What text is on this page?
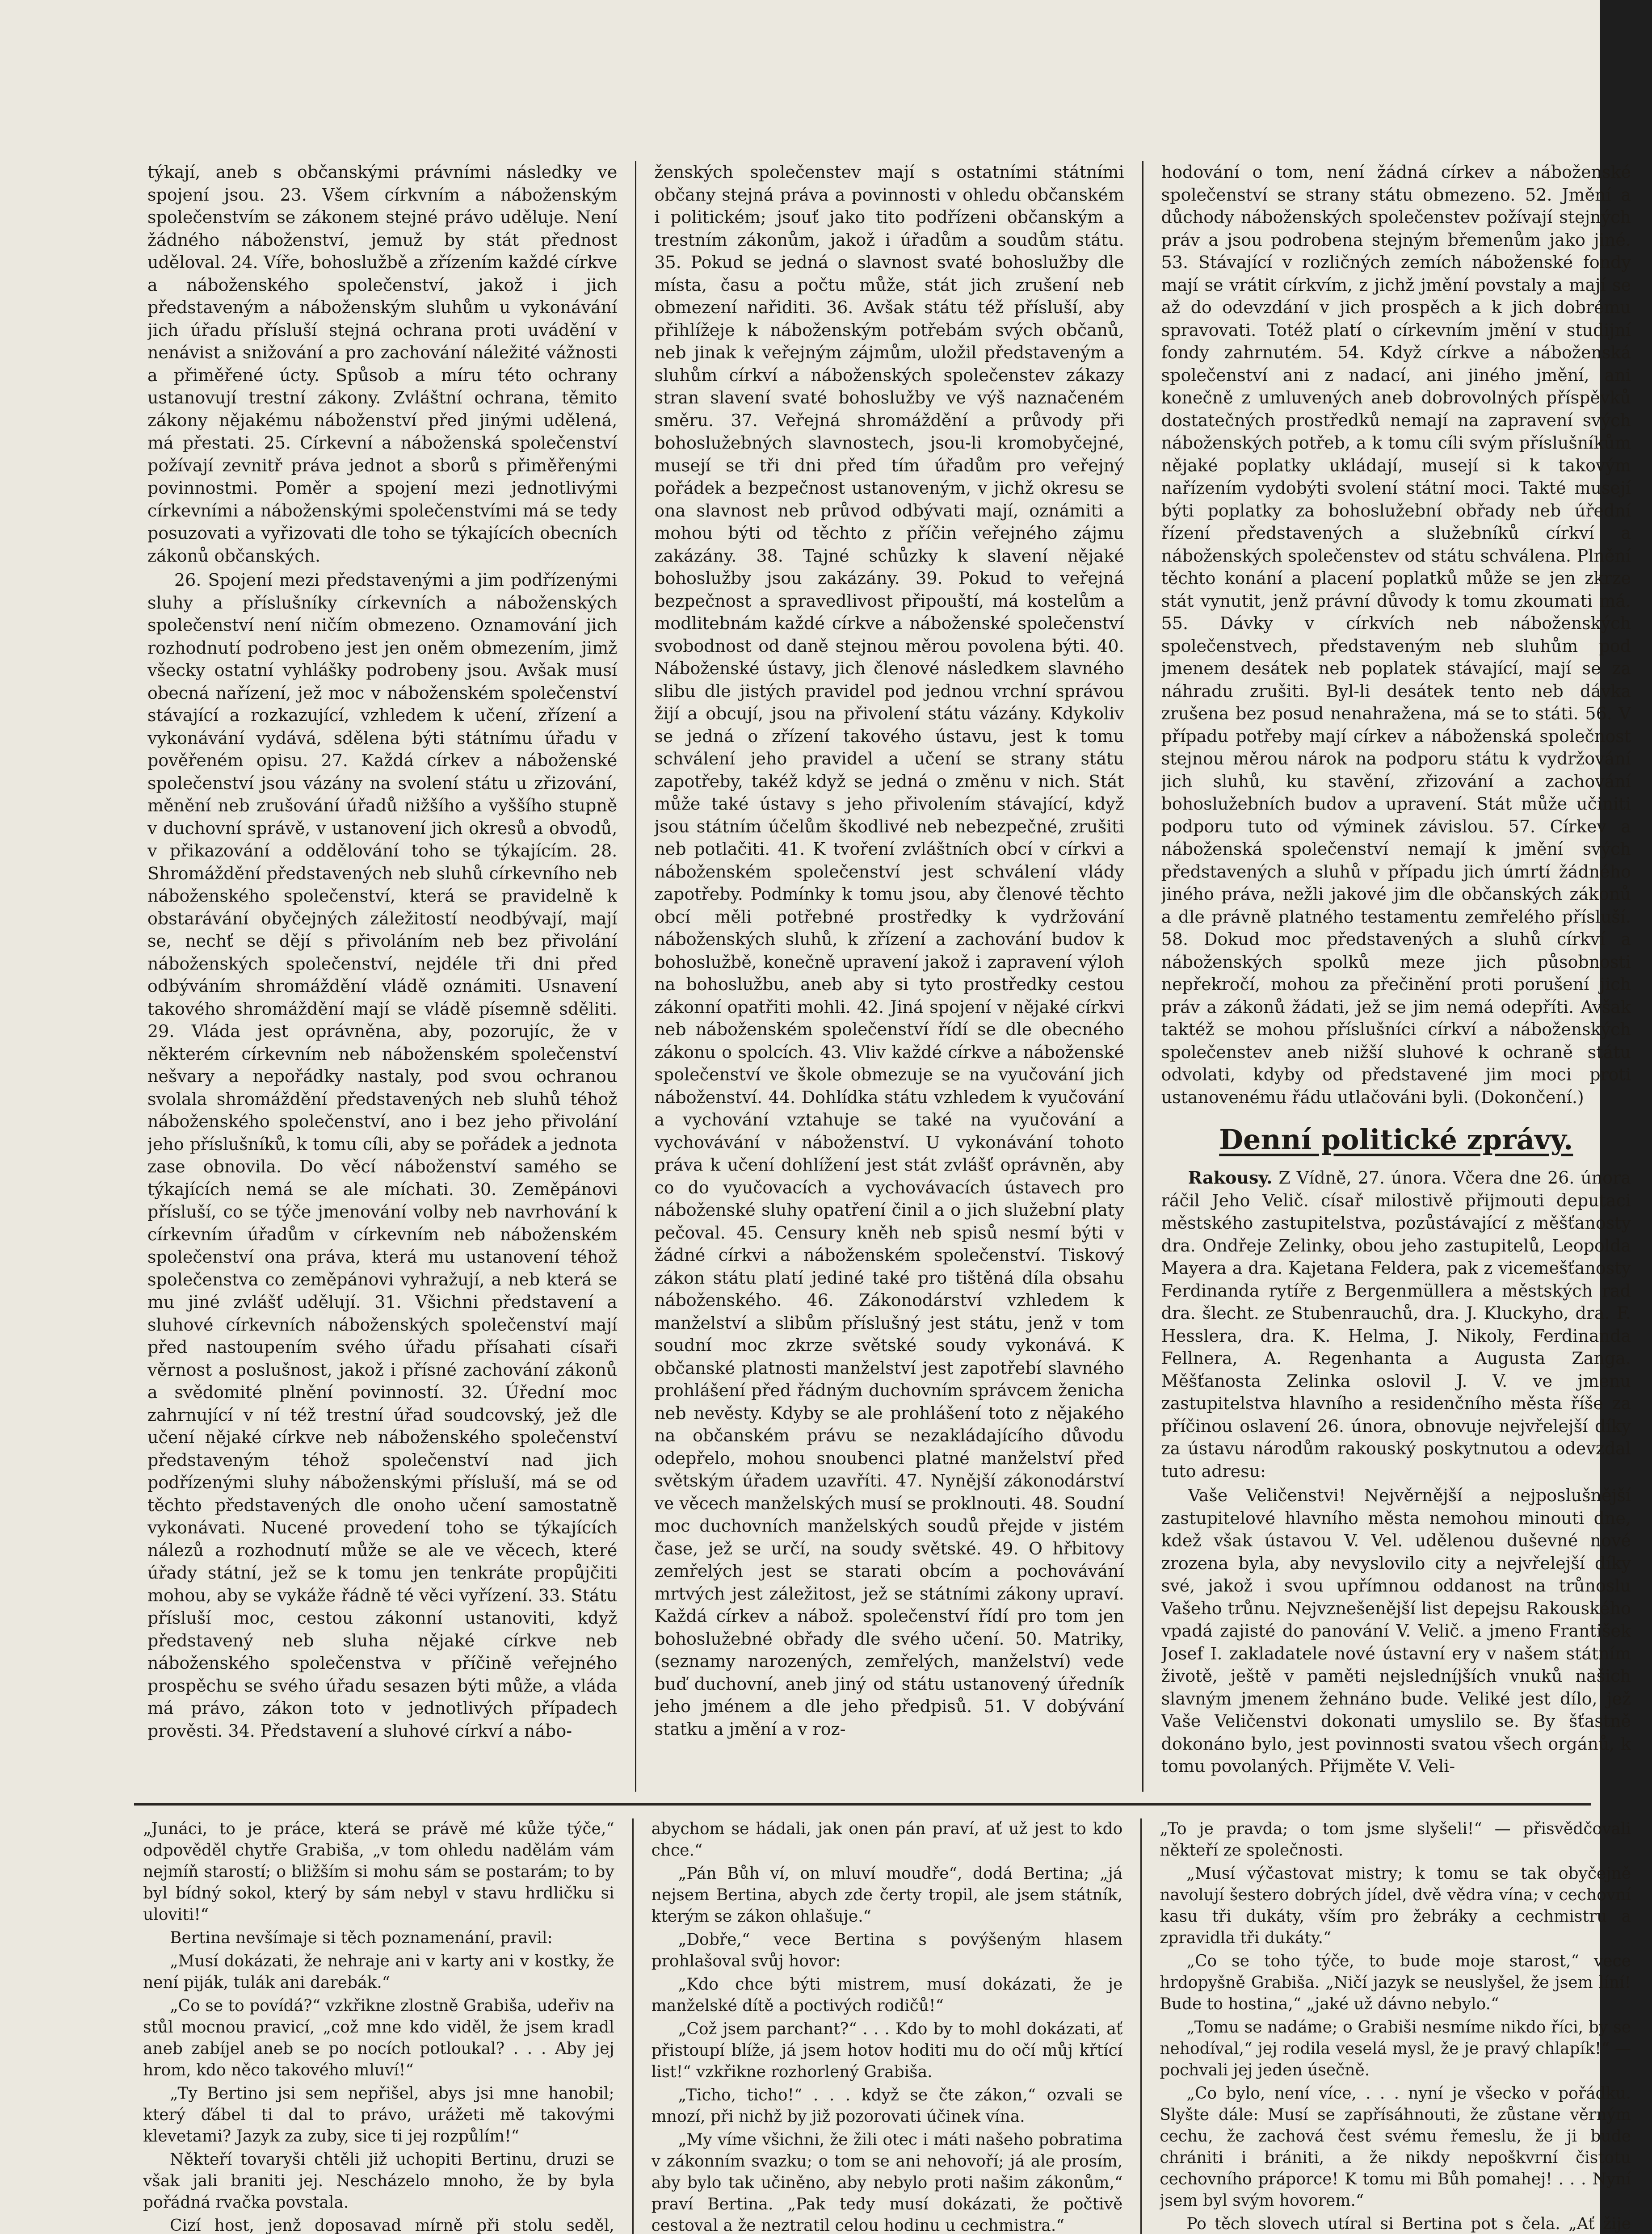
týkají, aneb s občanskými právními následky ve spojení jsou. 23. Všem církvním a náboženským společenstvím se zákonem stejné právo uděluje. Není žádného náboženství, jemuž by stát přednost uděloval. 24. Víře, bohoslužbě a zřízením každé církve a náboženského společenství, jakož i jich představeným a náboženským sluhům u vykonávání jich úřadu přísluší stejná ochrana proti uvádění v nenávist a snižování a pro zachování náležité vážnosti a přiměřené úcty. Spůsob a míru této ochrany ustanovují trestní zákony. Zvláštní ochrana, těmito zákony nějakému náboženství před jinými udělená, má přestati. 25. Církevní a náboženská společenství požívají zevnitř práva jednot a sborů s přiměřenými povinnostmi. Poměr a spojení mezi jednotlivými církevními a náboženskými společenstvími má se tedy posuzovati a vyřizovati dle toho se týkajících obecních zákonů občanských.

26. Spojení mezi představenými a jim podřízenými sluhy a příslušníky církevních a náboženských společenství není ničím obmezeno. Oznamování jich rozhodnutí podrobeno jest jen oněm obmezením, jimž všecky ostatní vyhlášky podrobeny jsou. Avšak musí obecná nařízení, jež moc v náboženském společenství stávající a rozkazující, vzhledem k učení, zřízení a vykonávání vydává, sdělena býti státnímu úřadu v pověřeném opisu. 27. Každá církev a náboženské společenství jsou vázány na svolení státu u zřizování, měnění neb zrušování úřadů nižšího a vyššího stupně v duchovní správě, v ustanovení jich okresů a obvodů, v přikazování a oddělování toho se týkajícím. 28. Shromáždění představených neb sluhů církevního neb náboženského společenství, která se pravidelně k obstarávání obyčejných záležitostí neodbývají, mají se, nechť se dějí s přivoláním neb bez přivolání náboženských společenství, nejdéle tři dni před odbýváním shromáždění vládě oznámiti. Usnavení takového shromáždění mají se vládě písemně sděliti. 29. Vláda jest oprávněna, aby, pozorujíc, že v některém církevním neb náboženském společenství nešvary a nepořádky nastaly, pod svou ochranou svolala shromáždění představených neb sluhů téhož náboženského společenství, ano i bez jeho přivolání jeho příslušníků, k tomu cíli, aby se pořádek a jednota zase obnovila. Do věcí náboženství samého se týkajících nemá se ale míchati. 30. Zeměpánovi přísluší, co se týče jmenování volby neb navrhování k církevním úřadům v církevním neb náboženském společenství ona práva, která mu ustanovení téhož společenstva co zeměpánovi vyhražují, a neb která se mu jiné zvlášť udělují. 31. Všichni představení a sluhové církevních náboženských společenství mají před nastoupením svého úřadu přísahati císaři věrnost a poslušnost, jakož i přísné zachování zákonů a svědomité plnění povinností. 32. Úřední moc zahrnující v ní též trestní úřad soudcovský, jež dle učení nějaké církve neb náboženského společenství představeným téhož společenství nad jich podřízenými sluhy náboženskými přísluší, má se od těchto představených dle onoho učení samostatně vykonávati. Nucené provedení toho se týkajících nálezů a rozhodnutí může se ale ve věcech, které úřady státní, jež se k tomu jen tenkráte propůjčiti mohou, aby se vykáže řádně té věci vyřízení. 33. Státu přísluší moc, cestou zákonní ustanoviti, když představený neb sluha nějaké církve neb náboženského společenstva v příčině veřejného prospěchu se svého úřadu sesazen býti může, a vláda má právo, zákon toto v jednotlivých případech prověsti. 34. Představení a sluhové církví a nábo-

ženských společenstev mají s ostatními státními občany stejná práva a povinnosti v ohledu občanském i politickém; jsouť jako tito podřízeni občanským a trestním zákonům, jakož i úřadům a soudům státu. 35. Pokud se jedná o slavnost svaté bohoslužby dle místa, času a počtu může, stát jich zrušení neb obmezení nařiditi. 36. Avšak státu též přísluší, aby přihlížeje k náboženským potřebám svých občanů, neb jinak k veřejným zájmům, uložil představeným a sluhům církví a náboženských společenstev zákazy stran slavení svaté bohoslužby ve výš naznačeném směru. 37. Veřejná shromáždění a průvody při bohoslužebných slavnostech, jsou-li kromobyčejné, musejí se tři dni před tím úřadům pro veřejný pořádek a bezpečnost ustanoveným, v jichž okresu se ona slavnost neb průvod odbývati mají, oznámiti a mohou býti od těchto z příčin veřejného zájmu zakázány. 38. Tajné schůzky k slavení nějaké bohoslužby jsou zakázány. 39. Pokud to veřejná bezpečnost a spravedlivost připouští, má kostelům a modlitebnám každé církve a náboženské společenství svobodnost od daně stejnou měrou povolena býti. 40. Náboženské ústavy, jich členové následkem slavného slibu dle jistých pravidel pod jednou vrchní správou žijí a obcují, jsou na přivolení státu vázány. Kdykoliv se jedná o zřízení takového ústavu, jest k tomu schválení jeho pravidel a učení se strany státu zapotřeby, takéž když se jedná o změnu v nich. Stát může také ústavy s jeho přivolením stávající, když jsou státním účelům škodlivé neb nebezpečné, zrušiti neb potlačiti. 41. K tvoření zvláštních obcí v církvi a náboženském společenství jest schválení vlády zapotřeby. Podmínky k tomu jsou, aby členové těchto obcí měli potřebné prostředky k vydržování náboženských sluhů, k zřízení a zachování budov k bohoslužbě, konečně upravení jakož i zapravení výloh na bohoslužbu, aneb aby si tyto prostředky cestou zákonní opatřiti mohli. 42. Jiná spojení v nějaké církvi neb náboženském společenství řídí se dle obecného zákonu o spolcích. 43. Vliv každé církve a náboženské společenství ve škole obmezuje se na vyučování jich náboženství. 44. Dohlídka státu vzhledem k vyučování a vychování vztahuje se také na vyučování a vychovávání v náboženství. U vykonávání tohoto práva k učení dohlížení jest stát zvlášť oprávněn, aby co do vyučovacích a vychovávacích ústavech pro náboženské sluhy opatření činil a o jich služební platy pečoval. 45. Censury kněh neb spisů nesmí býti v žádné církvi a náboženském společenství. Tiskový zákon státu platí jediné také pro tištěná díla obsahu náboženského. 46. Zákonodárství vzhledem k manželství a slibům příslušný jest státu, jenž v tom soudní moc zkrze světské soudy vykonává. K občanské platnosti manželství jest zapotřebí slavného prohlášení před řádným duchovním správcem ženicha neb nevěsty. Kdyby se ale prohlášení toto z nějakého na občanském právu se nezakládajícího důvodu odepřelo, mohou snoubenci platné manželství před světským úřadem uzavříti. 47. Nynější zákonodárství ve věcech manželských musí se proklnouti. 48. Soudní moc duchovních manželských soudů přejde v jistém čase, jež se určí, na soudy světské. 49. O hřbitovy zemřelých jest se starati obcím a pochovávání mrtvých jest záležitost, jež se státními zákony upraví. Každá církev a nábož. společenství řídí pro tom jen bohoslužebné obřady dle svého učení. 50. Matriky, (seznamy narozených, zemřelých, manželství) vede buď duchovní, aneb jiný od státu ustanovený úředník jeho jménem a dle jeho předpisů. 51. V dobývání statku a jmění a v roz-

hodování o tom, není žádná církev a náboženské společenství se strany státu obmezeno. 52. Jmění a důchody náboženských společenstev požívají stejných práv a jsou podrobena stejným břemenům jako jiné. 53. Stávající v rozličných zemích náboženské fondy mají se vrátit církvím, z jichž jmění povstaly a mají se až do odevzdání v jich prospěch a k jich dobrému spravovati. Totéž platí o církevním jmění v studijní fondy zahrnutém. 54. Když církve a náboženská společenství ani z nadací, ani jiného jmění, ani konečně z umluvených aneb dobrovolných příspěvků dostatečných prostředků nemají na zapravení svých náboženských potřeb, a k tomu cíli svým příslušníkům nějaké poplatky ukládají, musejí si k takovým nařízením vydobýti svolení státní moci. Takté musejí býti poplatky za bohoslužební obřady neb úřední řízení představených a služebníků církví a náboženských společenstev od státu schválena. Plnění těchto konání a placení poplatků může se jen zkrze stát vynutit, jenž právní důvody k tomu zkoumati má. 55. Dávky v církvích neb náboženských společenstvech, představeným neb sluhům pod jmenem desátek neb poplatek stávající, mají se za náhradu zrušiti. Byl-li desátek tento neb dávka zrušena bez posud nenahražena, má se to státi. 56. V případu potřeby mají církev a náboženská společnost stejnou měrou nárok na podporu státu k vydržování jich sluhů, ku stavění, zřizování a zachování bohoslužebních budov a upravení. Stát může učiniti podporu tuto od výminek závislou. 57. Církev a náboženská společenství nemají k jmění svých představených a sluhů v případu jich úmrtí žádného jiného práva, nežli jakové jim dle občanských zákonů a dle právně platného testamentu zemřelého přísluší. 58. Dokud moc představených a sluhů církví a náboženských spolků meze jich působnosti nepřekročí, mohou za přečinění proti porušení jich práv a zákonů žádati, jež se jim nemá odepříti. Avšak taktéž se mohou příslušníci církví a náboženských společenstev aneb nižší sluhové k ochraně státu odvolati, kdyby od představené jim moci proti ustanovenému řádu utlačováni byli. (Dokončení.)

Denní politické zprávy.

Rakousy. Z Vídně, 27. února. Včera dne 26. února ráčil Jeho Velič. císař milostivě přijmouti deputaci městského zastupitelstva, pozůstávající z měšťanosty dra. Ondřeje Zelinky, obou jeho zastupitelů, Leopolda Mayera a dra. Kajetana Feldera, pak z vicemešťanosty Ferdinanda rytíře z Bergenmüllera a městských rad dra. šlecht. ze Stubenrauchů, dra. J. Kluckyho, dra. F. Hesslera, dra. K. Helma, J. Nikoly, Ferdinanda Fellnera, A. Regenhanta a Augusta Zanga. Měšťanosta Zelinka oslovil J. V. ve jmenu zastupitelstva hlavního a residenčního města říše za příčinou oslavení 26. února, obnovuje nejvřelejší díky za ústavu národům rakouský poskytnutou a odevzdal tuto adresu:

Vaše Veličenstvi! Nejvěrnější a nejposlušnější zastupitelové hlavního města nemohou minouti dne, kdež však ústavou V. Vel. udělenou duševné nové zrozena byla, aby nevyslovilo city a nejvřelejší díky své, jakož i svou upřímnou oddanost na trůnoslu Vašeho trůnu. Nejvznešenější list depejsu Rakouského vpadá zajisté do panování V. Velič. a jmeno František Josef I. zakladatele nové ústavní ery v našem státním životě, ještě v paměti nejsledníjších vnuků našich slavným jmenem žehnáno bude. Veliké jest dílo, jež Vaše Veličenstvi dokonati umyslilo se. By šťastně dokonáno bylo, jest povinnosti svatou všech orgánů, k tomu povolaných. Přijměte V. Veli-

„Junáci, to je práce, která se právě mé kůže týče,“ odpověděl chytře Grabiša, „v tom ohledu nadělám vám nejmíň starostí; o bližším si mohu sám se postarám; to by byl bídný sokol, který by sám nebyl v stavu hrdličku si uloviti!“

Bertina nevšímaje si těch poznamenání, pravil:

„Musí dokázati, že nehraje ani v karty ani v kostky, že není piják, tulák ani darebák.“

„Co se to povídá?“ vzkřikne zlostně Grabiša, udeřiv na stůl mocnou pravicí, „což mne kdo viděl, že jsem kradl aneb zabíjel aneb se po nocích potloukal? . . . Aby jej hrom, kdo něco takového mluví!“

„Ty Bertino jsi sem nepřišel, abys jsi mne hanobil; který ďábel ti dal to právo, urážeti mě takovými klevetami? Jazyk za zuby, sice ti jej rozpůlím!“

Někteří tovaryši chtěli již uchopiti Bertinu, druzi se však jali braniti jej. Nescházelo mnoho, že by byla pořádná rvačka povstala.

Cizí host, jenž doposavad mírně při stolu seděl,

abychom se hádali, jak onen pán praví, ať už jest to kdo chce.“

„Pán Bůh ví, on mluví moudře“, dodá Bertina; „já nejsem Bertina, abych zde čerty tropil, ale jsem státník, kterým se zákon ohlašuje.“

„Dobře,“ vece Bertina s povýšeným hlasem prohlašoval svůj hovor:

„Kdo chce býti mistrem, musí dokázati, že je manželské dítě a poctivých rodičů!“

„Což jsem parchant?“ . . . Kdo by to mohl dokázati, ať přistoupí blíže, já jsem hotov hoditi mu do očí můj křtící list!“ vzkřikne rozhorlený Grabiša.

„Ticho, ticho!“ . . . když se čte zákon,“ ozvali se mnozí, při nichž by již pozorovati účinek vína.

„My víme všichni, že žili otec i máti našeho pobratima v zákonním svazku; o tom se ani nehovoří; já ale prosím, aby bylo tak učiněno, aby nebylo proti našim zákonům,“ praví Bertina. „Pak tedy musí dokázati, že počtivě cestoval a že neztratil celou hodinu u cechmistra.“

„To je pravda; o tom jsme slyšeli!“ — přisvědčovali někteří ze společnosti.

„Musí výčastovat mistry; k tomu se tak obyčejně navolují šestero dobrých jídel, dvě vědra vína; v cechovní kasu tři dukáty, vším pro žebráky a cechmistru a zpravidla tři dukáty.“

„Co se toho týče, to bude moje starost,“ vece hrdopyšně Grabiša. „Ničí jazyk se neuslyšel, že jsem líní! Bude to hostina,“ „jaké už dávno nebylo.“

„Tomu se nadáme; o Grabiši nesmíme nikdo říci, by se nehodíval,“ jej rodila veselá mysl, že je pravý chlapík!“ — pochvali jej jeden úsečně.

„Co bylo, není více, . . . nyní je všecko v pořádku. Slyšte dále: Musí se zapřísáhnouti, že zůstane věrným cechu, že zachová čest svému řemeslu, že ji bude chrániti i brániti, a že nikdy nepoškvrní čistotu cechovního práporce! K tomu mi Bůh pomahej! . . . Nyní jsem byl svým hovorem.“

Po těch slovech utíral si Bertina pot s čela. „Ať žije
